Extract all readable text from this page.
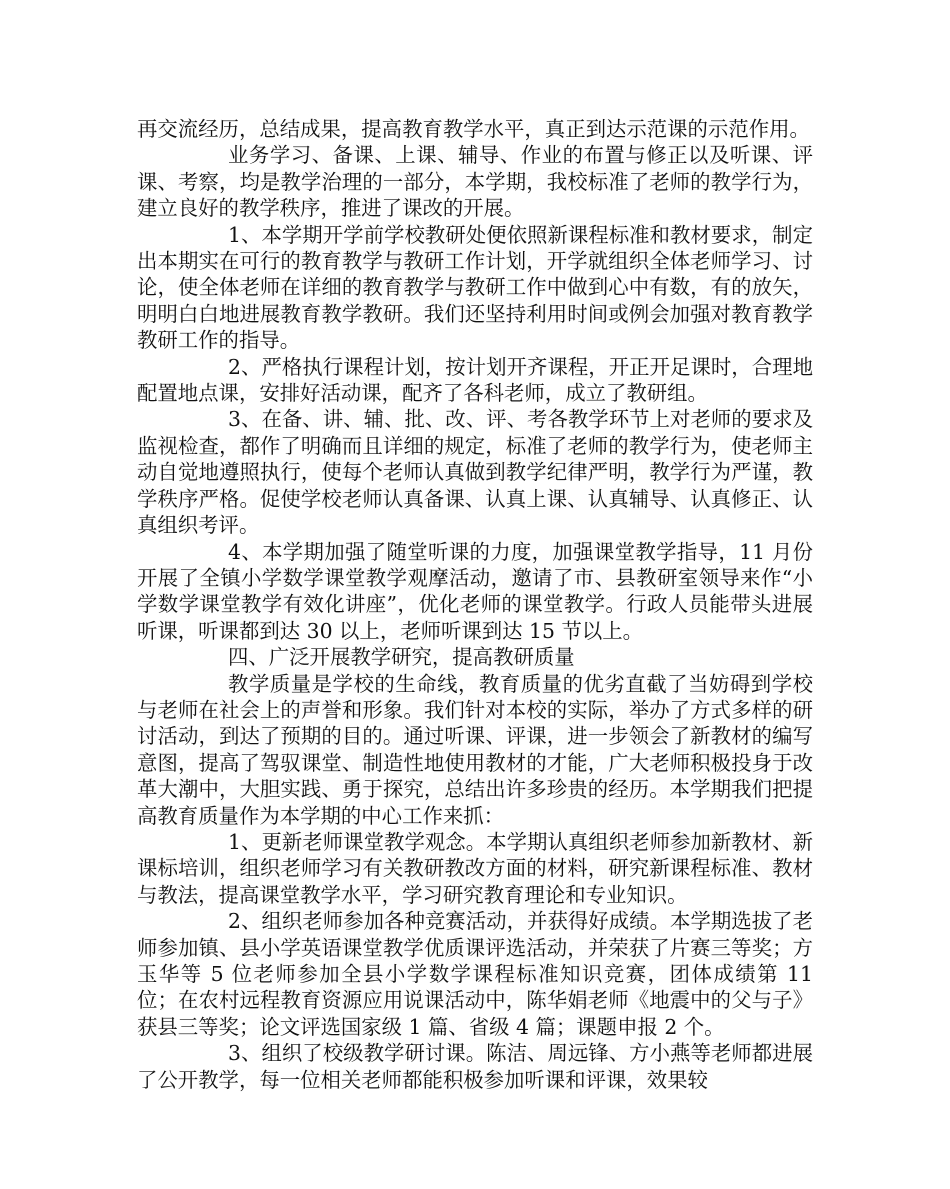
再交流经历，总结成果，提高教育教学水平，真正到达示范课的示范作用。

业务学习、备课、上课、辅导、作业的布置与修正以及听课、评课、考察，均是教学治理的一部分，本学期，我校标准了老师的教学行为，建立良好的教学秩序，推进了课改的开展。

1、本学期开学前学校教研处便依照新课程标准和教材要求，制定出本期实在可行的教育教学与教研工作计划，开学就组织全体老师学习、讨论，使全体老师在详细的教育教学与教研工作中做到心中有数，有的放矢，明明白白地进展教育教学教研。我们还坚持利用时间或例会加强对教育教学教研工作的指导。

2、严格执行课程计划，按计划开齐课程，开正开足课时，合理地配置地点课，安排好活动课，配齐了各科老师，成立了教研组。

3、在备、讲、辅、批、改、评、考各教学环节上对老师的要求及监视检查，都作了明确而且详细的规定，标准了老师的教学行为，使老师主动自觉地遵照执行，使每个老师认真做到教学纪律严明，教学行为严谨，教学秩序严格。促使学校老师认真备课、认真上课、认真辅导、认真修正、认真组织考评。

4、本学期加强了随堂听课的力度，加强课堂教学指导，11 月份开展了全镇小学数学课堂教学观摩活动，邀请了市、县教研室领导来作“小学数学课堂教学有效化讲座”，优化老师的课堂教学。行政人员能带头进展听课，听课都到达 30 以上，老师听课到达 15 节以上。

四、广泛开展教学研究，提高教研质量

教学质量是学校的生命线，教育质量的优劣直截了当妨碍到学校与老师在社会上的声誉和形象。我们针对本校的实际，举办了方式多样的研讨活动，到达了预期的目的。通过听课、评课，进一步领会了新教材的编写意图，提高了驾驭课堂、制造性地使用教材的才能，广大老师积极投身于改革大潮中，大胆实践、勇于探究，总结出许多珍贵的经历。本学期我们把提高教育质量作为本学期的中心工作来抓：

1、更新老师课堂教学观念。本学期认真组织老师参加新教材、新课标培训，组织老师学习有关教研教改方面的材料，研究新课程标准、教材与教法，提高课堂教学水平，学习研究教育理论和专业知识。

2、组织老师参加各种竞赛活动，并获得好成绩。本学期选拔了老师参加镇、县小学英语课堂教学优质课评选活动，并荣获了片赛三等奖；方玉华等 5 位老师参加全县小学数学课程标准知识竞赛，团体成绩第 11 位；在农村远程教育资源应用说课活动中，陈华娟老师《地震中的父与子》获县三等奖；论文评选国家级 1 篇、省级 4 篇；课题申报 2 个。

3、组织了校级教学研讨课。陈洁、周远锋、方小燕等老师都进展了公开教学，每一位相关老师都能积极参加听课和评课，效果较
